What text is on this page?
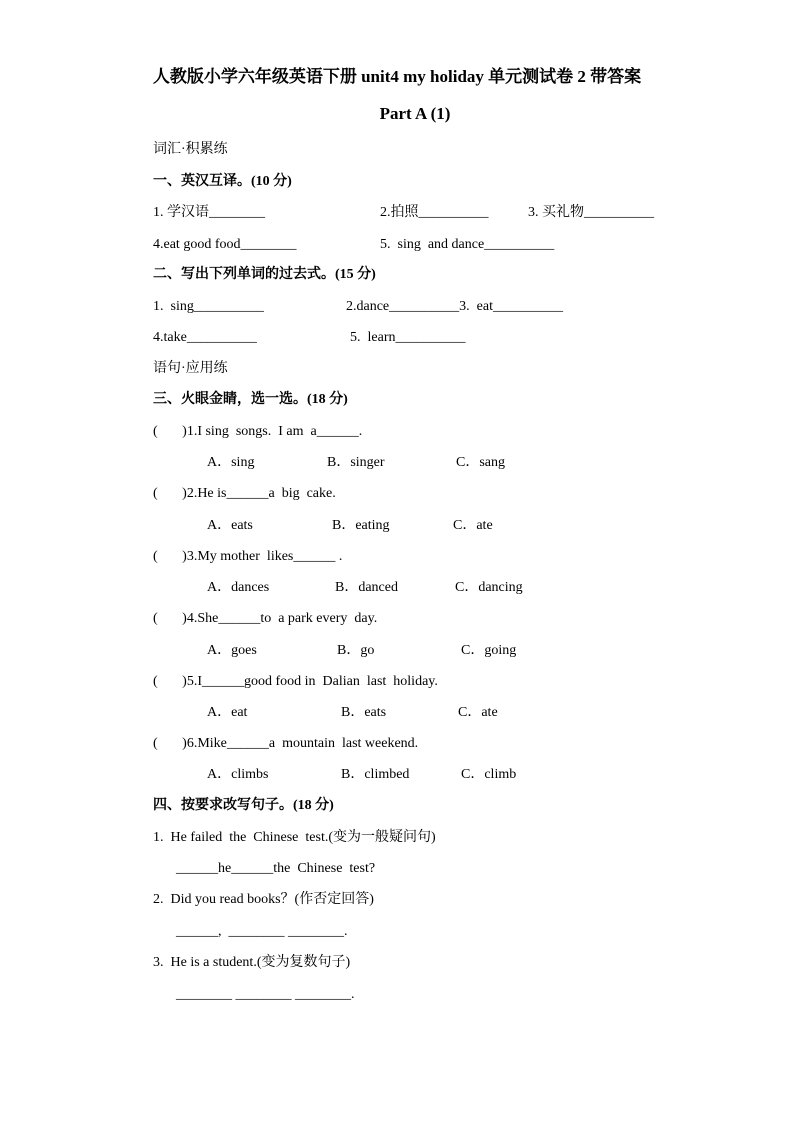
人教版小学六年级英语下册 unit4 my holiday 单元测试卷 2 带答案
Part A (1)
词汇·积累练
一、英汉互译。(10 分)
1. 学汉语________	2.拍照__________	3. 买礼物__________
4.eat good food________	5.  sing  and dance__________
二、写出下列单词的过去式。(15 分)
1.  sing__________	2.dance__________3.  eat__________
4.take__________	5.  learn__________
语句·应用练
三、火眼金睛，选一选。(18 分)
(       )1.I sing  songs.  I am  a______.
A．sing	B．singer	C．sang
(       )2.He is______a  big  cake.
A．eats	B．eating	C．ate
(       )3.My mother  likes______ .
A．dances	B．danced	C．dancing
(       )4.She______to  a park every  day.
A．goes	B．go	C．going
(       )5.I______good food in  Dalian  last  holiday.
A．eat	B．eats	C．ate
(       )6.Mike______a  mountain  last weekend.
A．climbs	B．climbed	C．climb
四、按要求改写句子。(18 分)
1.  He failed  the  Chinese  test.(变为一般疑问句)
______he______the  Chinese  test?
2.  Did you read books？(作否定回答)
______,  ________ ________.
3.  He is a student.(变为复数句子)
________ ________ ________.
